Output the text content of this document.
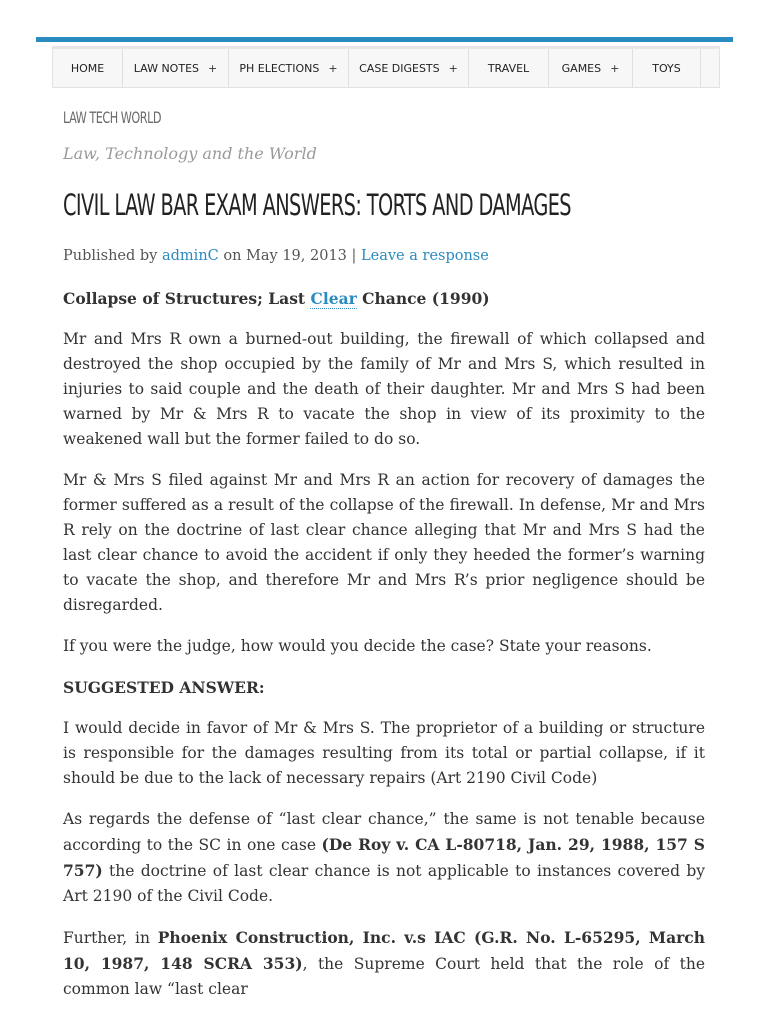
HOME	LAW NOTES + PH ELECTIONS + CASE DIGESTS +	TRAVEL	GAMES +	TOYS
LAW TECH WORLD
Law, Technology and the World
CIVIL LAW BAR EXAM ANSWERS: TORTS AND DAMAGES
Published by adminC on May 19, 2013 | Leave a response

Collapse of Structures; Last Clear Chance (1990)

Mr and Mrs R own a burned-out building, the firewall of which collapsed and destroyed the shop occupied by the family of Mr and Mrs S, which resulted in injuries to said couple and the death of their daughter. Mr and Mrs S had been warned by Mr & Mrs R to vacate the shop in view of its proximity to the weakened wall but the former failed to do so.

Mr & Mrs S filed against Mr and Mrs R an action for recovery of damages the former suffered as a result of the collapse of the firewall. In defense, Mr and Mrs R rely on the doctrine of last clear chance alleging that Mr and Mrs S had the last clear chance to avoid the accident if only they heeded the former’s warning to vacate the shop, and therefore Mr and Mrs R’s prior negligence should be disregarded.

If you were the judge, how would you decide the case? State your reasons.

SUGGESTED ANSWER:

I would decide in favor of Mr & Mrs S. The proprietor of a building or structure is responsible for the damages resulting from its total or partial collapse, if it should be due to the lack of necessary repairs (Art 2190 Civil Code)

As regards the defense of “last clear chance,” the same is not tenable because according to the SC in one case (De Roy v. CA L-80718, Jan. 29, 1988, 157 S 757) the doctrine of last clear chance is not applicable to instances covered by Art 2190 of the Civil Code.

Further, in Phoenix Construction, Inc. v.s IAC (G.R. No. L-65295, March 10, 1987, 148 SCRA 353), the Supreme Court held that the role of the common law “last clear
